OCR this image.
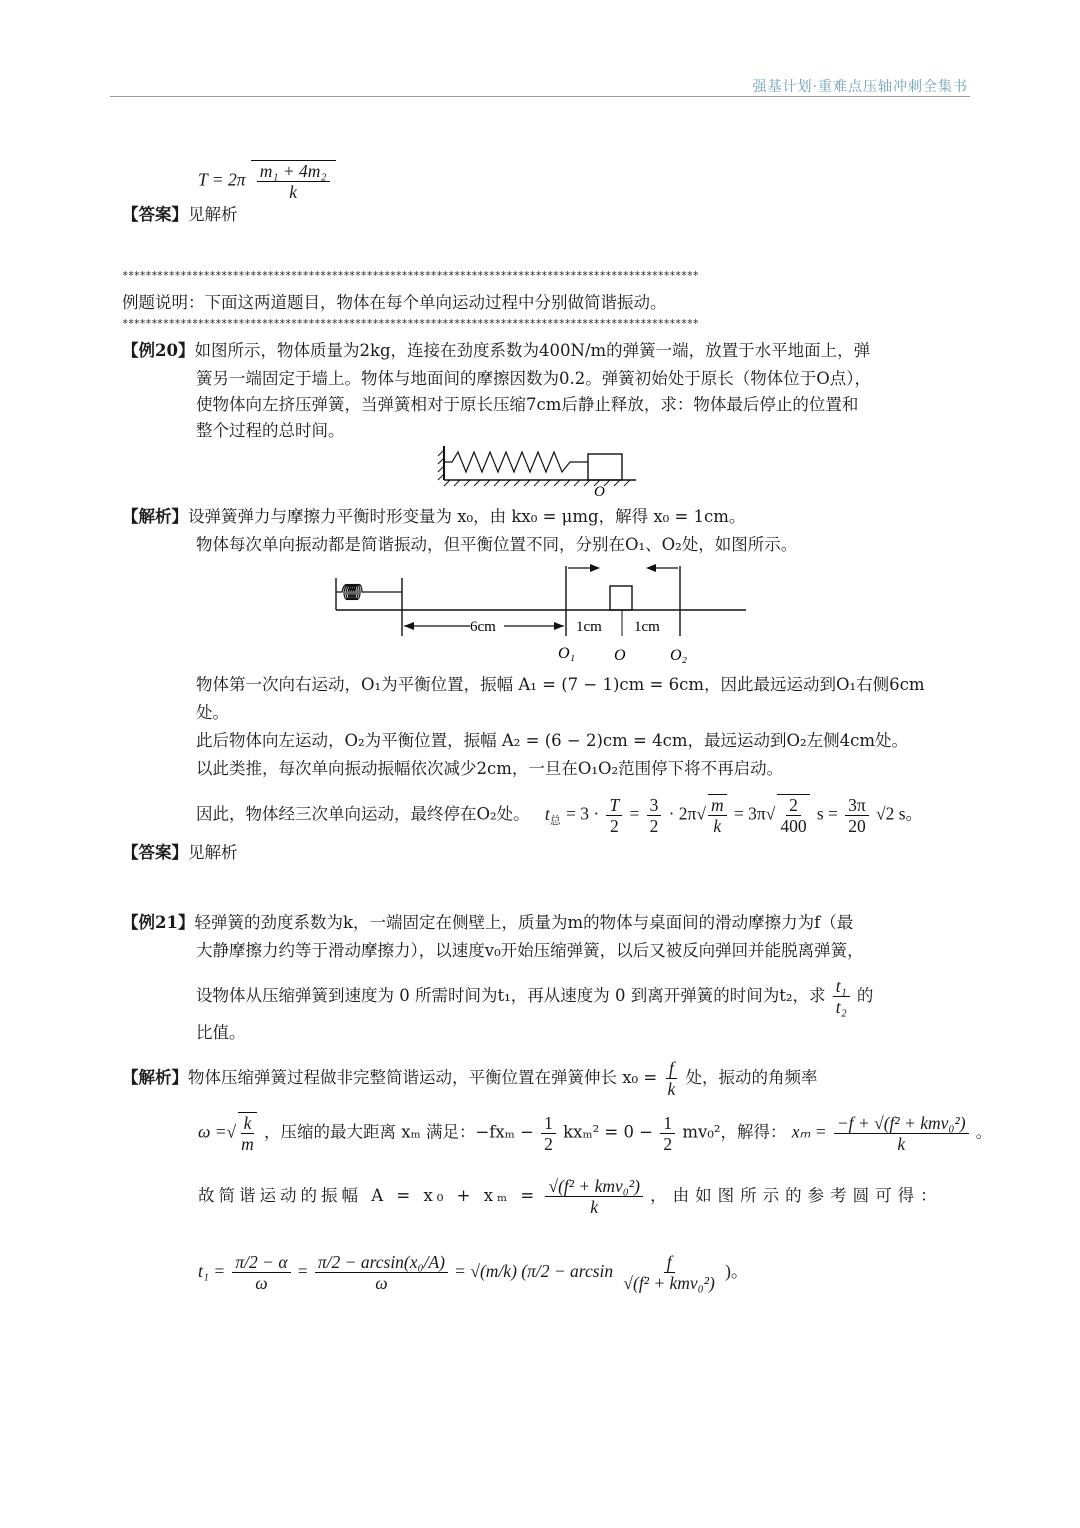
强基计划·重难点压轴冲刺全集书
$T = 2\pi \frac{\text{m₁ + 4m₂}}{k}$
【答案】见解析
***************************************************************************************************
例题说明：下面这两道题目，物体在每个单向运动过程中分别做简谐振动。
***************************************************************************************************
【例20】如图所示，物体质量为2kg，连接在劲度系数为400N/m的弹簧一端，放置于水平地面上，弹
簧另一端固定于墙上。物体与地面间的摩擦因数为0.2。弹簧初始处于原长（物体位于O点），
使物体向左挤压弹簧，当弹簧相对于原长压缩7cm后静止释放，求：物体最后停止的位置和
整个过程的总时间。
O
【解析】设弹簧弹力与摩擦力平衡时形变量为 x₀，由 kx₀ = μmg，解得 x₀ = 1cm。
物体每次单向振动都是简谐振动，但平衡位置不同，分别在O₁、O₂处，如图所示。
6cm	1cm 1cm
O₁ O	O₂
物体第一次向右运动，O₁为平衡位置，振幅 A₁ = (7 − 1)cm = 6cm，因此最远运动到O₁右侧6cm
处。
此后物体向左运动，O₂为平衡位置，振幅 A₂ = (6 − 2)cm = 4cm，最远运动到O₂左侧4cm处。
以此类推，每次单向振动振幅依次减少2cm，一旦在O₁O₂范围停下将不再启动。
因此，物体经三次单向运动，最终停在O₂处。 $t_总 = 3 \cdot \frac{T}{2} = \frac{3}{2} \cdot 2\pi√ \frac{m}{k} = 3\pi√ \frac{2}{400}$ $s = \frac{3\pi}{20} √2$ s。
【答案】见解析
【例21】轻弹簧的劲度系数为k，一端固定在侧壁上，质量为m的物体与桌面间的滑动摩擦力为f（最
大静摩擦力约等于滑动摩擦力），以速度v₀开始压缩弹簧，以后又被反向弹回并能脱离弹簧，
设物体从压缩弹簧到速度为 0 所需时间为t₁，再从速度为 0 到离开弹簧的时间为t₂，求 $\frac{\text{t₁}}{\text{t₂}}$ 的
比值。
【解析】物体压缩弹簧过程做非完整简谐运动，平衡位置在弹簧伸长 $x_0 = \frac{f}{k}$ 处，振动的角频率
ω =√ $\frac{k}{m}$ ，压缩的最大距离 xₘ 满足：$-fx_m - \frac{1}{2} kx_m^2 = 0 - \frac{1}{2} mv_0^2$，解得： $x_m = \frac{\text{−f + √(f² + kmv₀²)}}{k}$ 。
故简谐运动的振幅 $A = x_0 + x_m = \frac{\text{√(f² + kmv₀²)}}{k}$ ，由如图所示的参考圆可得：
$t_1 = \frac{\pi/2 - \alpha}{\omega} = \frac{\text{π/2 − arcsin(x₀/A)}}{\omega} = √(m/k) (\pi/2 - \arcsin \frac{f}{\text{√(f² + kmv₀²)}}$ )。
